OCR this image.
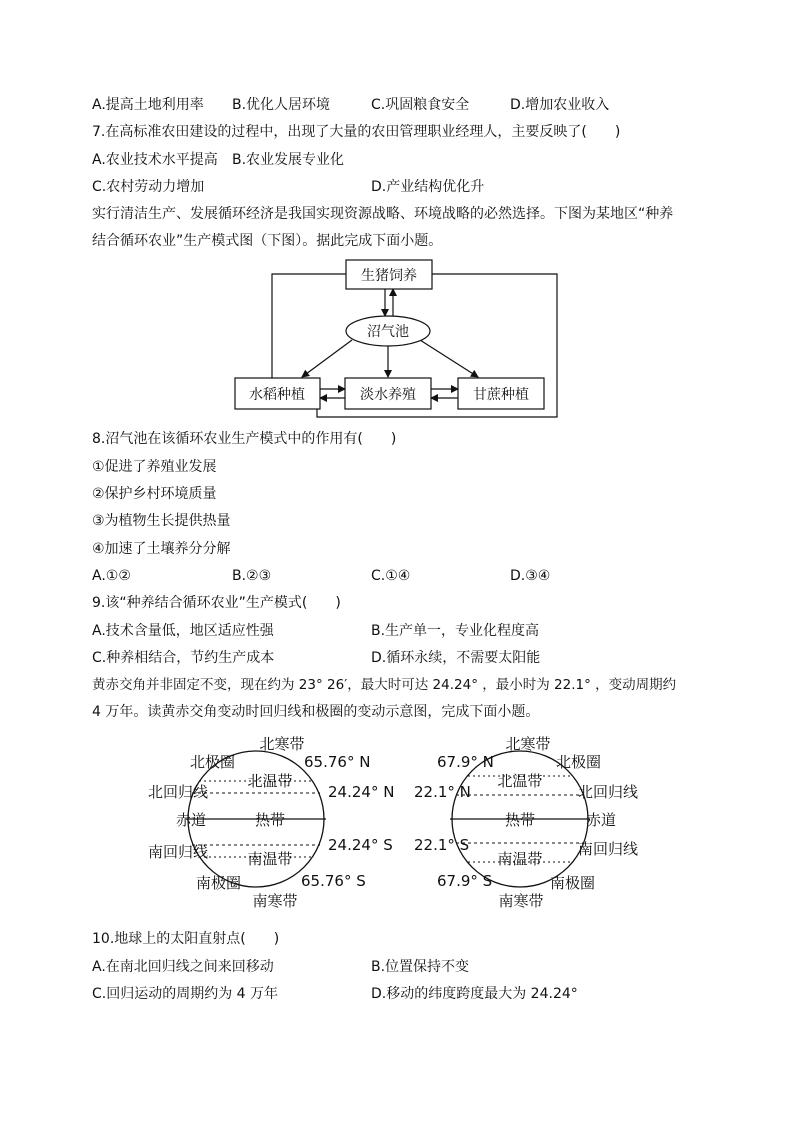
A.提高土地利用率 B.优化人居环境	C.巩固粮食安全	D.增加农业收入
7.在高标准农田建设的过程中，出现了大量的农田管理职业经理人，主要反映了(　　)
A.农业技术水平提高 B.农业发展专业化
C.农村劳动力增加	D.产业结构优化升
实行清洁生产、发展循环经济是我国实现资源战略、环境战略的必然选择。下图为某地区“种养
结合循环农业”生产模式图（下图）。据此完成下面小题。
生猪饲养
沼气池
水稻种植	淡水养殖	甘蔗种植
8.沼气池在该循环农业生产模式中的作用有(　　)
①促进了养殖业发展
②保护乡村环境质量
③为植物生长提供热量
④加速了土壤养分分解
A.①②	B.②③	C.①④	D.③④
9.该“种养结合循环农业”生产模式(　　)
A.技术含量低，地区适应性强	B.生产单一，专业化程度高
C.种养相结合，节约生产成本	D.循环永续，不需要太阳能
黄赤交角并非固定不变，现在约为 23° 26′，最大时可达 24.24° ，最小时为 22.1° ，变动周期约
4 万年。读黄赤交角变动时回归线和极圈的变动示意图，完成下面小题。
北寒带
北极圈	65.76° N
北温带
北回归线	24.24° N
赤道	热带
南回归线	24.24° S
南温带
南极圈	65.76° S
南寒带
北寒带
67.9° N	北极圈
22.1° N
北温带
北回归线
热带	赤道
22.1° S
南温带
南回归线
67.9° S	南极圈
南寒带
10.地球上的太阳直射点(　　)
A.在南北回归线之间来回移动	B.位置保持不变
C.回归运动的周期约为 4 万年	D.移动的纬度跨度最大为 24.24°
